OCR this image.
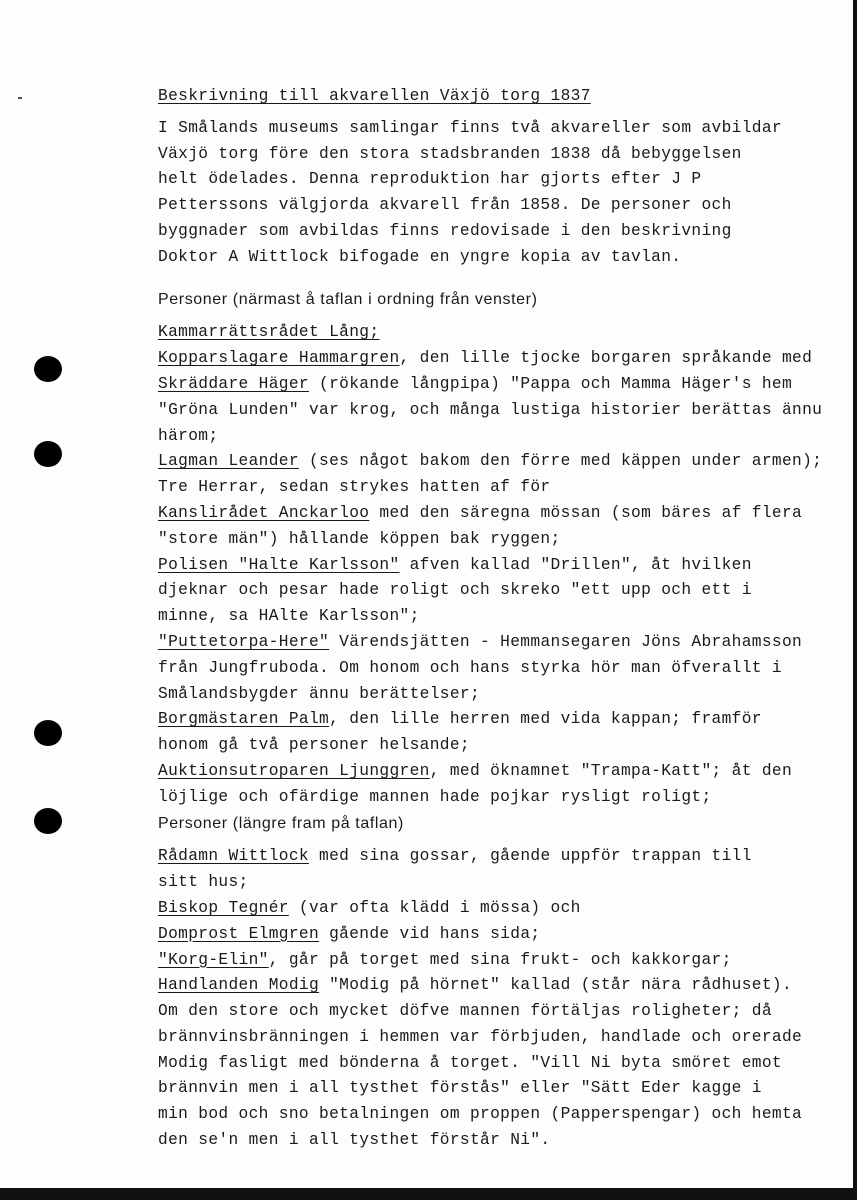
Beskrivning till akvarellen Växjö torg 1837

I Smålands museums samlingar finns två akvareller som avbildar

Växjö torg före den stora stadsbranden 1838 då bebyggelsen

helt ödelades. Denna reproduktion har gjorts efter J P

Petterssons välgjorda akvarell från 1858. De personer och

byggnader som avbildas finns redovisade i den beskrivning

Doktor A Wittlock bifogade en yngre kopia av tavlan.

Personer (närmast å taflan i ordning från venster)

Kammarrättsrådet Lång;

Kopparslagare Hammargren, den lille tjocke borgaren språkande med

Skräddare Häger (rökande långpipa) "Pappa och Mamma Häger's hem

"Gröna Lunden" var krog, och många lustiga historier berättas ännu

härom;

Lagman Leander (ses något bakom den förre med käppen under armen);

Tre Herrar, sedan strykes hatten af för

Kanslirådet Anckarloo med den säregna mössan (som bäres af flera

"store män") hållande köppen bak ryggen;

Polisen "Halte Karlsson" afven kallad "Drillen", åt hvilken

djeknar och pesar hade roligt och skreko "ett upp och ett i

minne, sa HAlte Karlsson";

"Puttetorpa-Here" Värendsjätten - Hemmansegaren Jöns Abrahamsson

från Jungfruboda. Om honom och hans styrka hör man öfverallt i

Smålandsbygder ännu berättelser;

Borgmästaren Palm, den lille herren med vida kappan; framför

honom gå två personer helsande;

Auktionsutroparen Ljunggren, med öknamnet "Trampa-Katt"; åt den

löjlige och ofärdige mannen hade pojkar rysligt roligt;

Personer (längre fram på taflan)

Rådamn Wittlock med sina gossar, gående uppför trappan till

sitt hus;

Biskop Tegnér (var ofta klädd i mössa) och

Domprost Elmgren gående vid hans sida;

"Korg-Elin", går på torget med sina frukt- och kakkorgar;

Handlanden Modig "Modig på hörnet" kallad (står nära rådhuset).

Om den store och mycket döfve mannen förtäljas roligheter; då

brännvinsbränningen i hemmen var förbjuden, handlade och orerade

Modig fasligt med bönderna å torget. "Vill Ni byta smöret emot

brännvin men i all tysthet förstås" eller "Sätt Eder kagge i

min bod och sno betalningen om proppen (Papperspengar) och hemta

den se'n men i all tysthet förstår Ni".
